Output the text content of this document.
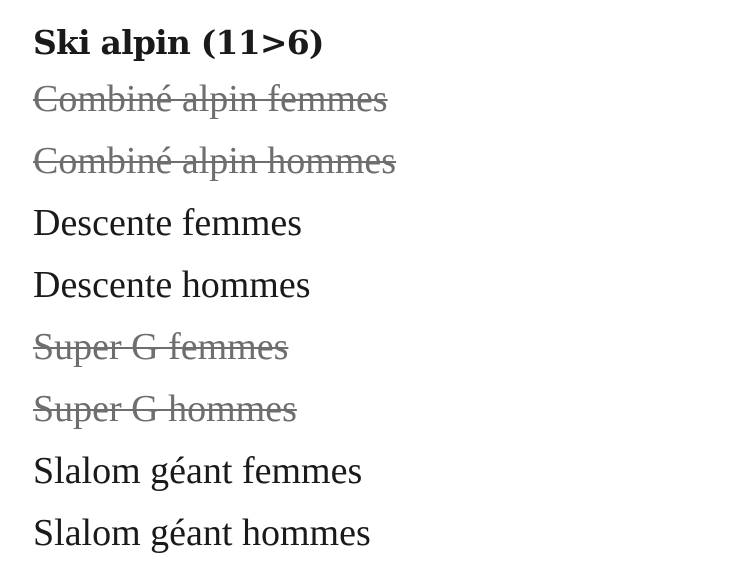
Ski alpin (11>6)
Combiné alpin femmes
Combiné alpin hommes
Descente femmes
Descente hommes
Super G femmes
Super G hommes
Slalom géant femmes
Slalom géant hommes
